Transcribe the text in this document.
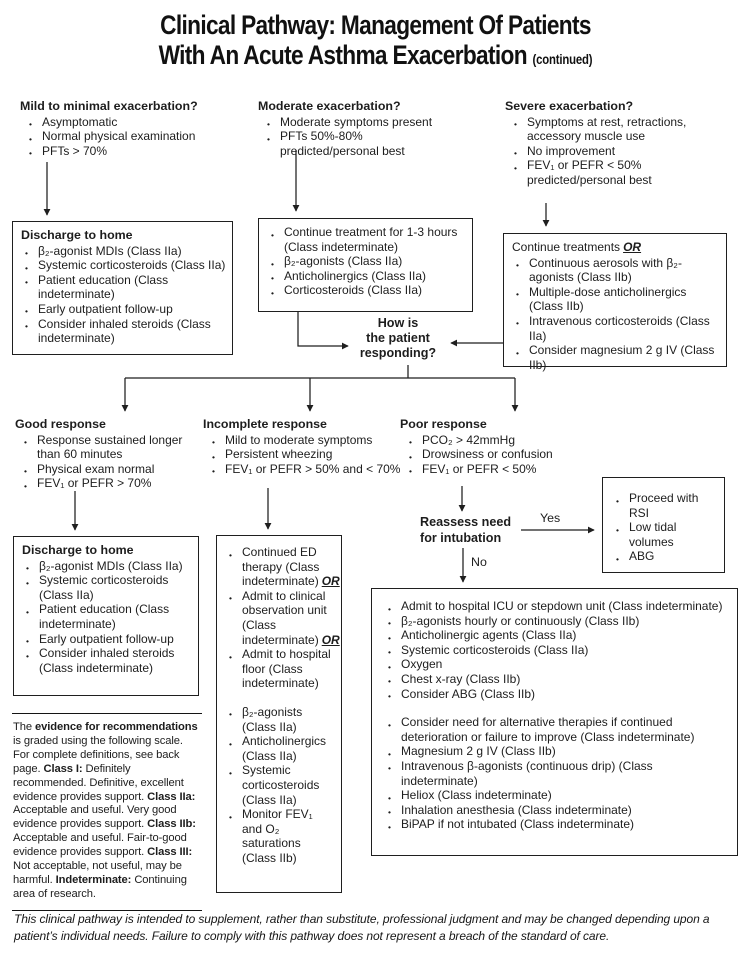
Clinical Pathway: Management Of Patients
With An Acute Asthma Exacerbation (continued)
Mild to minimal exacerbation?
• Asymptomatic
• Normal physical examination
• PFTs > 70%
Moderate exacerbation?
• Moderate symptoms present
• PFTs 50%-80% predicted/personal best
Severe exacerbation?
• Symptoms at rest, retractions, accessory muscle use
• No improvement
• FEV₁ or PEFR < 50% predicted/personal best
Discharge to home
• β₂-agonist MDIs (Class IIa)
• Systemic corticosteroids (Class IIa)
• Patient education (Class indeterminate)
• Early outpatient follow-up
• Consider inhaled steroids (Class indeterminate)
• Continue treatment for 1-3 hours (Class indeterminate)
• β₂-agonists (Class IIa)
• Anticholinergics (Class IIa)
• Corticosteroids (Class IIa)
Continue treatments OR
• Continuous aerosols with β₂-agonists (Class IIb)
• Multiple-dose anticholinergics (Class IIb)
• Intravenous corticosteroids (Class IIa)
• Consider magnesium 2 g IV (Class IIb)
How is
the patient
responding?
Good response
• Response sustained longer than 60 minutes
• Physical exam normal
• FEV₁ or PEFR > 70%
Incomplete response
• Mild to moderate symptoms
• Persistent wheezing
• FEV₁ or PEFR > 50% and < 70%
Poor response
• PCO₂ > 42mmHg
• Drowsiness or confusion
• FEV₁ or PEFR < 50%
Discharge to home
• β₂-agonist MDIs (Class IIa)
• Systemic corticosteroids (Class IIa)
• Patient education (Class indeterminate)
• Early outpatient follow-up
• Consider inhaled steroids (Class indeterminate)
• Continued ED therapy (Class indeterminate) OR
• Admit to clinical observation unit (Class indeterminate) OR
• Admit to hospital floor (Class indeterminate)
• β₂-agonists (Class IIa)
• Anticholinergics (Class IIa)
• Systemic corticosteroids (Class IIa)
• Monitor FEV₁ and O₂ saturations (Class IIb)
Reassess need
for intubation
Yes
No
• Proceed with RSI
• Low tidal volumes
• ABG
• Admit to hospital ICU or stepdown unit (Class indeterminate)
• β₂-agonists hourly or continuously (Class IIb)
• Anticholinergic agents (Class IIa)
• Systemic corticosteroids (Class IIa)
• Oxygen
• Chest x-ray (Class IIb)
• Consider ABG (Class IIb)
• Consider need for alternative therapies if continued deterioration or failure to improve (Class indeterminate)
• Magnesium 2 g IV (Class IIb)
• Intravenous β-agonists (continuous drip) (Class indeterminate)
• Heliox (Class indeterminate)
• Inhalation anesthesia (Class indeterminate)
• BiPAP if not intubated (Class indeterminate)
The evidence for recommendations is graded using the following scale. For complete definitions, see back page. Class I: Definitely recommended. Definitive, excellent evidence provides support. Class IIa: Acceptable and useful. Very good evidence provides support. Class IIb: Acceptable and useful. Fair-to-good evidence provides support. Class III: Not acceptable, not useful, may be harmful. Indeterminate: Continuing area of research.
This clinical pathway is intended to supplement, rather than substitute, professional judgment and may be changed depending upon a patient’s individual needs. Failure to comply with this pathway does not represent a breach of the standard of care.
